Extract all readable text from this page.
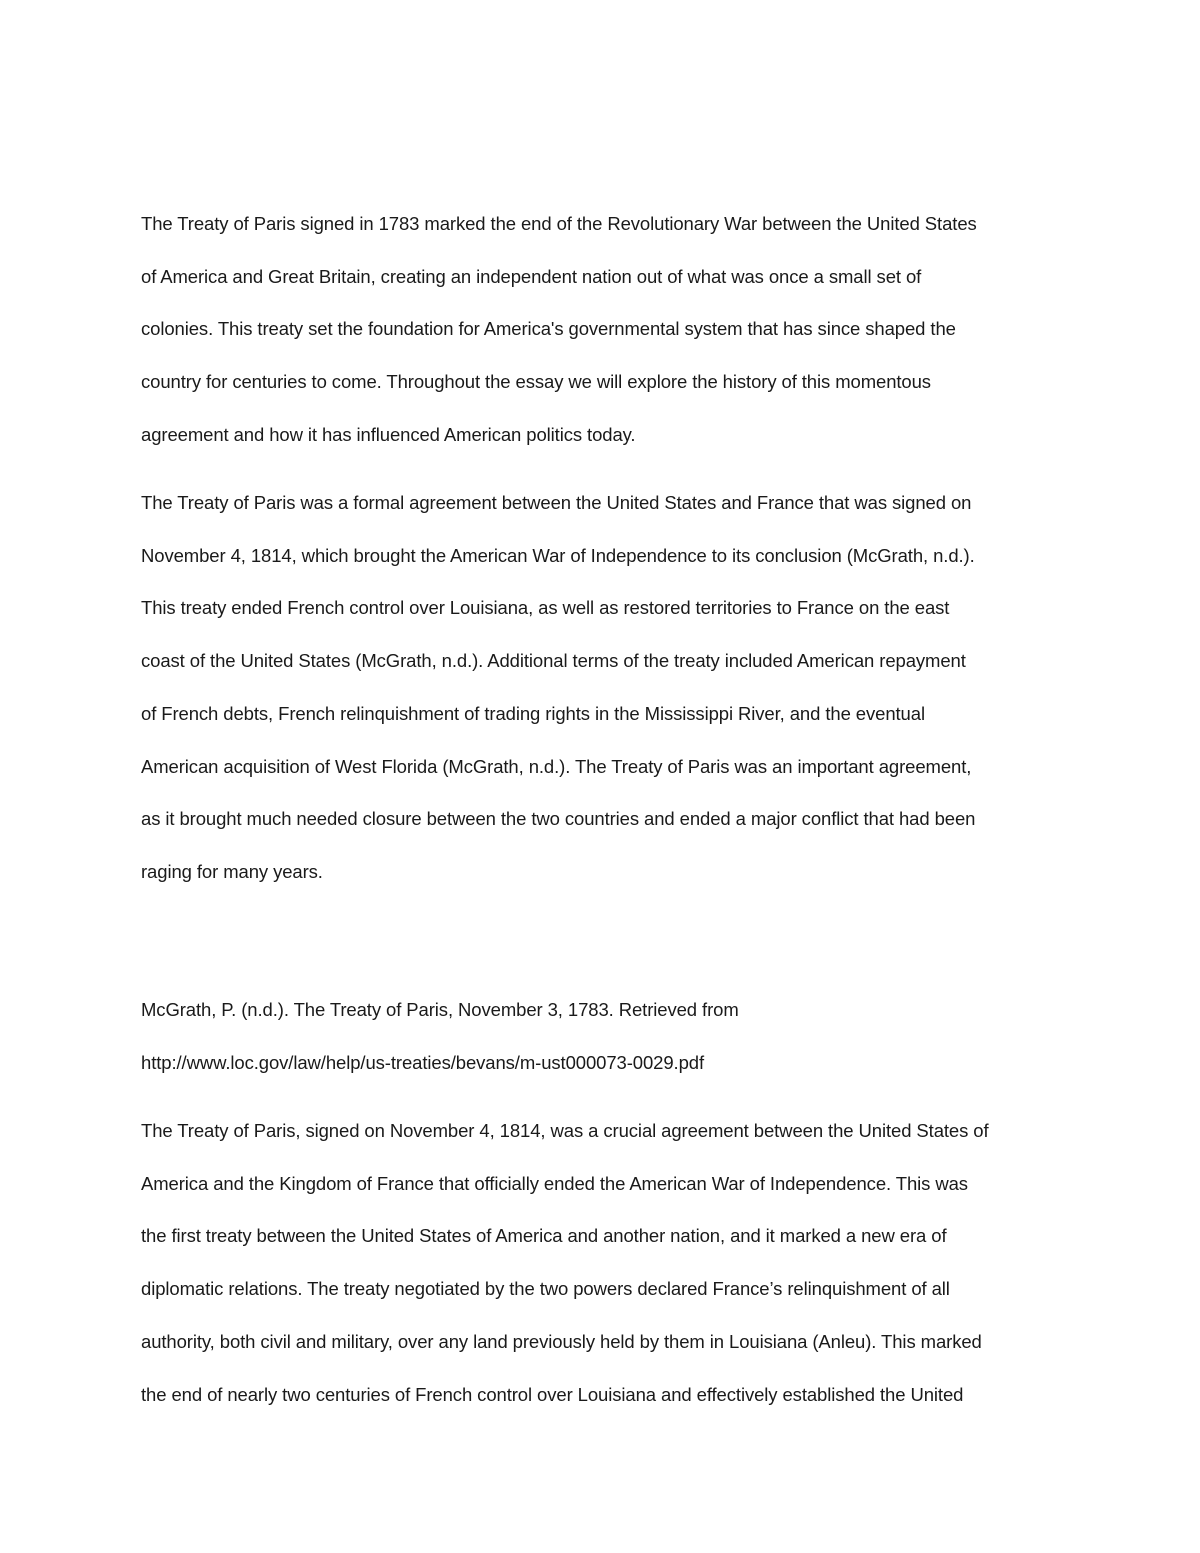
The Treaty of Paris signed in 1783 marked the end of the Revolutionary War between the United States
of America and Great Britain, creating an independent nation out of what was once a small set of
colonies. This treaty set the foundation for America's governmental system that has since shaped the
country for centuries to come. Throughout the essay we will explore the history of this momentous
agreement and how it has influenced American politics today.
The Treaty of Paris was a formal agreement between the United States and France that was signed on
November 4, 1814, which brought the American War of Independence to its conclusion (McGrath, n.d.).
This treaty ended French control over Louisiana, as well as restored territories to France on the east
coast of the United States (McGrath, n.d.). Additional terms of the treaty included American repayment
of French debts, French relinquishment of trading rights in the Mississippi River, and the eventual
American acquisition of West Florida (McGrath, n.d.). The Treaty of Paris was an important agreement,
as it brought much needed closure between the two countries and ended a major conflict that had been
raging for many years.
McGrath, P. (n.d.). The Treaty of Paris, November 3, 1783. Retrieved from
http://www.loc.gov/law/help/us-treaties/bevans/m-ust000073-0029.pdf
The Treaty of Paris, signed on November 4, 1814, was a crucial agreement between the United States of
America and the Kingdom of France that officially ended the American War of Independence. This was
the first treaty between the United States of America and another nation, and it marked a new era of
diplomatic relations. The treaty negotiated by the two powers declared France’s relinquishment of all
authority, both civil and military, over any land previously held by them in Louisiana (Anleu). This marked
the end of nearly two centuries of French control over Louisiana and effectively established the United
